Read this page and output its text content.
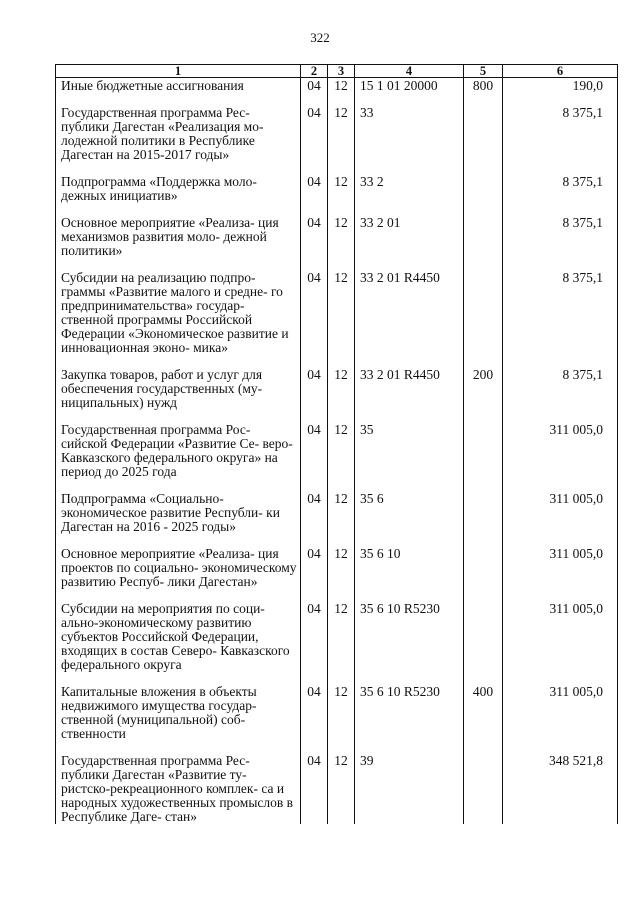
322
1	2	3	4	5	6
Иные бюджетные ассигнования	04	12	15 1 01 20000	800	190,0
Государственная программа Рес- публики Дагестан «Реализация мо- лодежной политики в Республике Дагестан на 2015-2017 годы»	04	12	33		8 375,1
Подпрограмма «Поддержка моло- дежных инициатив»	04	12	33 2		8 375,1
Основное мероприятие «Реализа- ция механизмов развития моло- дежной политики»	04	12	33 2 01		8 375,1
Субсидии на реализацию подпро- граммы «Развитие малого и средне- го предпринимательства» государ- ственной программы Российской Федерации «Экономическое развитие и инновационная эконо- мика»	04	12	33 2 01 R4450		8 375,1
Закупка товаров, работ и услуг для обеспечения государственных (му- ниципальных) нужд	04	12	33 2 01 R4450	200	8 375,1
Государственная программа Рос- сийской Федерации «Развитие Се- веро-Кавказского федерального округа» на период до 2025 года	04	12	35		311 005,0
Подпрограмма «Социально- экономическое развитие Республи- ки Дагестан на 2016 - 2025 годы»	04	12	35 6		311 005,0
Основное мероприятие «Реализа- ция проектов по социально- экономическому развитию Респуб- лики Дагестан»	04	12	35 6 10		311 005,0
Субсидии на мероприятия по соци- ально-экономическому развитию субъектов Российской Федерации, входящих в состав Северо- Кавказского федерального округа	04	12	35 6 10 R5230		311 005,0
Капитальные вложения в объекты недвижимого имущества государ- ственной (муниципальной) соб- ственности	04	12	35 6 10 R5230	400	311 005,0
Государственная программа Рес- публики Дагестан «Развитие ту- ристско-рекреационного комплек- са и народных художественных промыслов в Республике Даге- стан»	04	12	39		348 521,8
